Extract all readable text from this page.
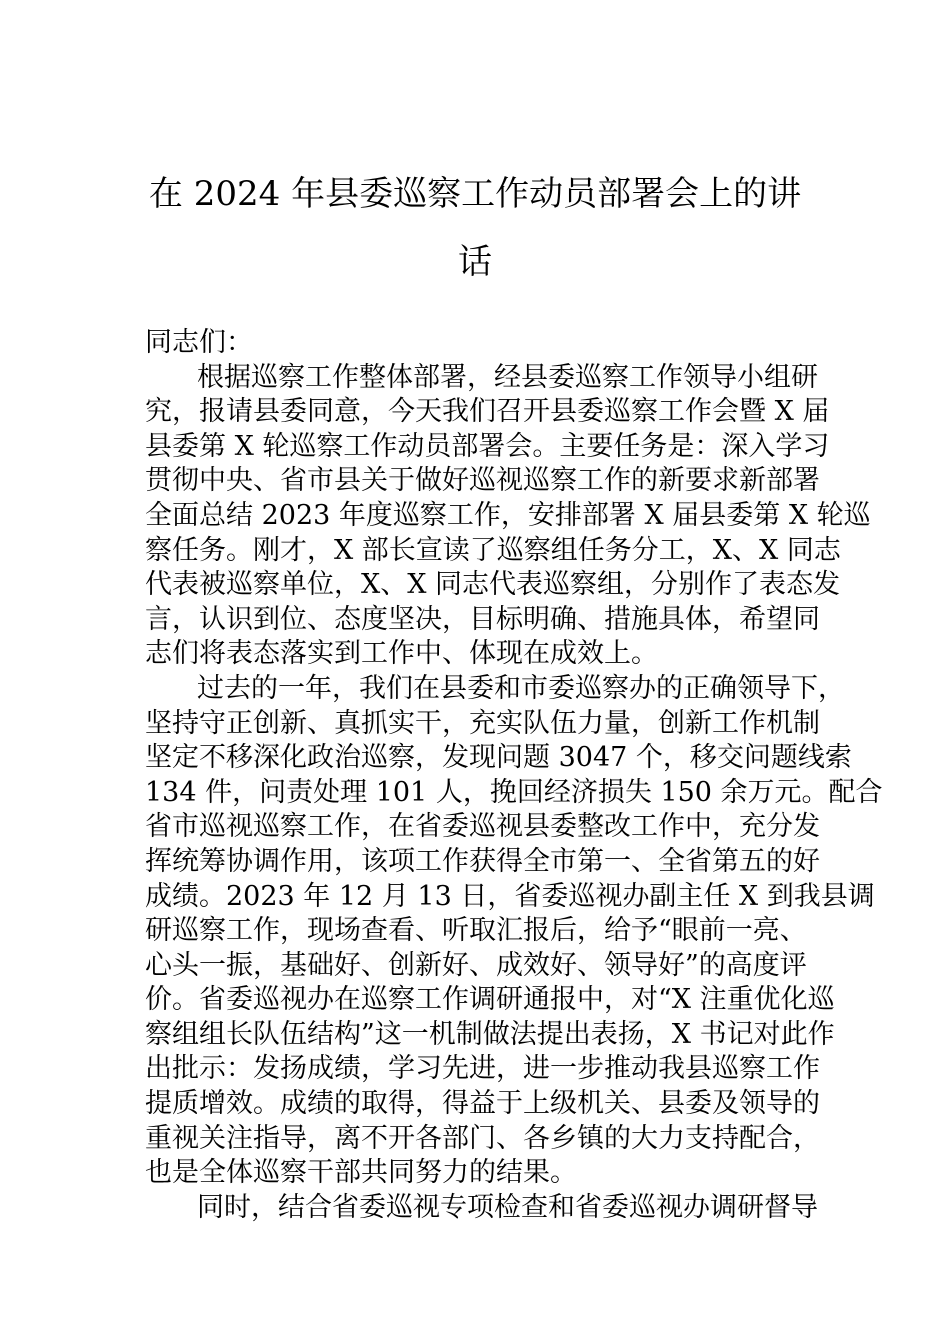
在 2024 年县委巡察工作动员部署会上的讲
话
同志们：
根据巡察工作整体部署，经县委巡察工作领导小组研
究，报请县委同意，今天我们召开县委巡察工作会暨 X 届
县委第 X 轮巡察工作动员部署会。主要任务是：深入学习
贯彻中央、省市县关于做好巡视巡察工作的新要求新部署
全面总结 2023 年度巡察工作，安排部署 X 届县委第 X 轮巡
察任务。刚才，X 部长宣读了巡察组任务分工，X、X 同志
代表被巡察单位，X、X 同志代表巡察组，分别作了表态发
言，认识到位、态度坚决，目标明确、措施具体，希望同
志们将表态落实到工作中、体现在成效上。
过去的一年，我们在县委和市委巡察办的正确领导下，
坚持守正创新、真抓实干，充实队伍力量，创新工作机制
坚定不移深化政治巡察，发现问题 3047 个，移交问题线索
134 件，问责处理 101 人，挽回经济损失 150 余万元。配合
省市巡视巡察工作，在省委巡视县委整改工作中，充分发
挥统筹协调作用，该项工作获得全市第一、全省第五的好
成绩。2023 年 12 月 13 日，省委巡视办副主任 X 到我县调
研巡察工作，现场查看、听取汇报后，给予“眼前一亮、
心头一振，基础好、创新好、成效好、领导好”的高度评
价。省委巡视办在巡察工作调研通报中，对“X 注重优化巡
察组组长队伍结构”这一机制做法提出表扬，X 书记对此作
出批示：发扬成绩，学习先进，进一步推动我县巡察工作
提质增效。成绩的取得，得益于上级机关、县委及领导的
重视关注指导，离不开各部门、各乡镇的大力支持配合，
也是全体巡察干部共同努力的结果。
同时，结合省委巡视专项检查和省委巡视办调研督导
